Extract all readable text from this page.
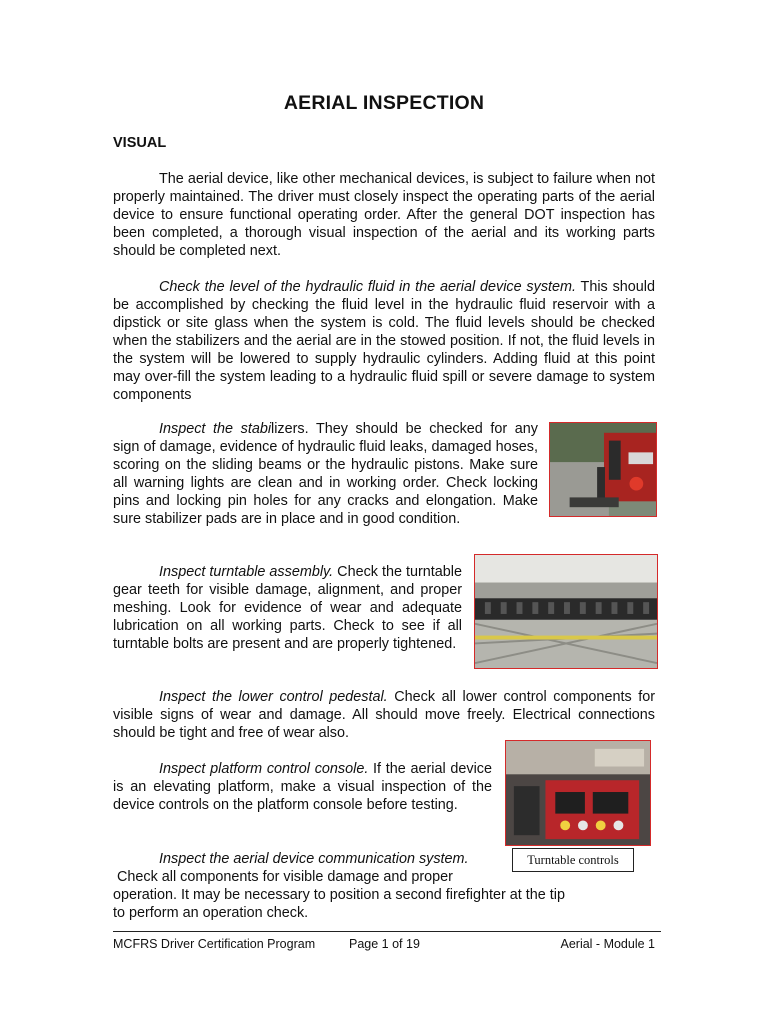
AERIAL INSPECTION
VISUAL
The aerial device, like other mechanical devices, is subject to failure when not properly maintained. The driver must closely inspect the operating parts of the aerial device to ensure functional operating order. After the general DOT inspection has been completed, a thorough visual inspection of the aerial and its working parts should be completed next.
Check the level of the hydraulic fluid in the aerial device system. This should be accomplished by checking the fluid level in the hydraulic fluid reservoir with a dipstick or site glass when the system is cold. The fluid levels should be checked when the stabilizers and the aerial are in the stowed position. If not, the fluid levels in the system will be lowered to supply hydraulic cylinders. Adding fluid at this point may over-fill the system leading to a hydraulic fluid spill or severe damage to system components
Inspect the stabilizers. They should be checked for any sign of damage, evidence of hydraulic fluid leaks, damaged hoses, scoring on the sliding beams or the hydraulic pistons. Make sure all warning lights are clean and in working order. Check locking pins and locking pin holes for any cracks and elongation. Make sure stabilizer pads are in place and in good condition.
Inspect turntable assembly. Check the turntable gear teeth for visible damage, alignment, and proper meshing. Look for evidence of wear and adequate lubrication on all working parts. Check to see if all turntable bolts are present and are properly tightened.
Inspect the lower control pedestal. Check all lower control components for visible signs of wear and damage. All should move freely. Electrical connections should be tight and free of wear also.
Inspect platform control console. If the aerial device is an elevating platform, make a visual inspection of the device controls on the platform console before testing.
Turntable controls
Inspect the aerial device communication system.
Check all components for visible damage and proper
operation. It may be necessary to position a second firefighter at the tip
to perform an operation check.
MCFRS Driver Certification Program	Page 1 of 19	Aerial - Module 1
